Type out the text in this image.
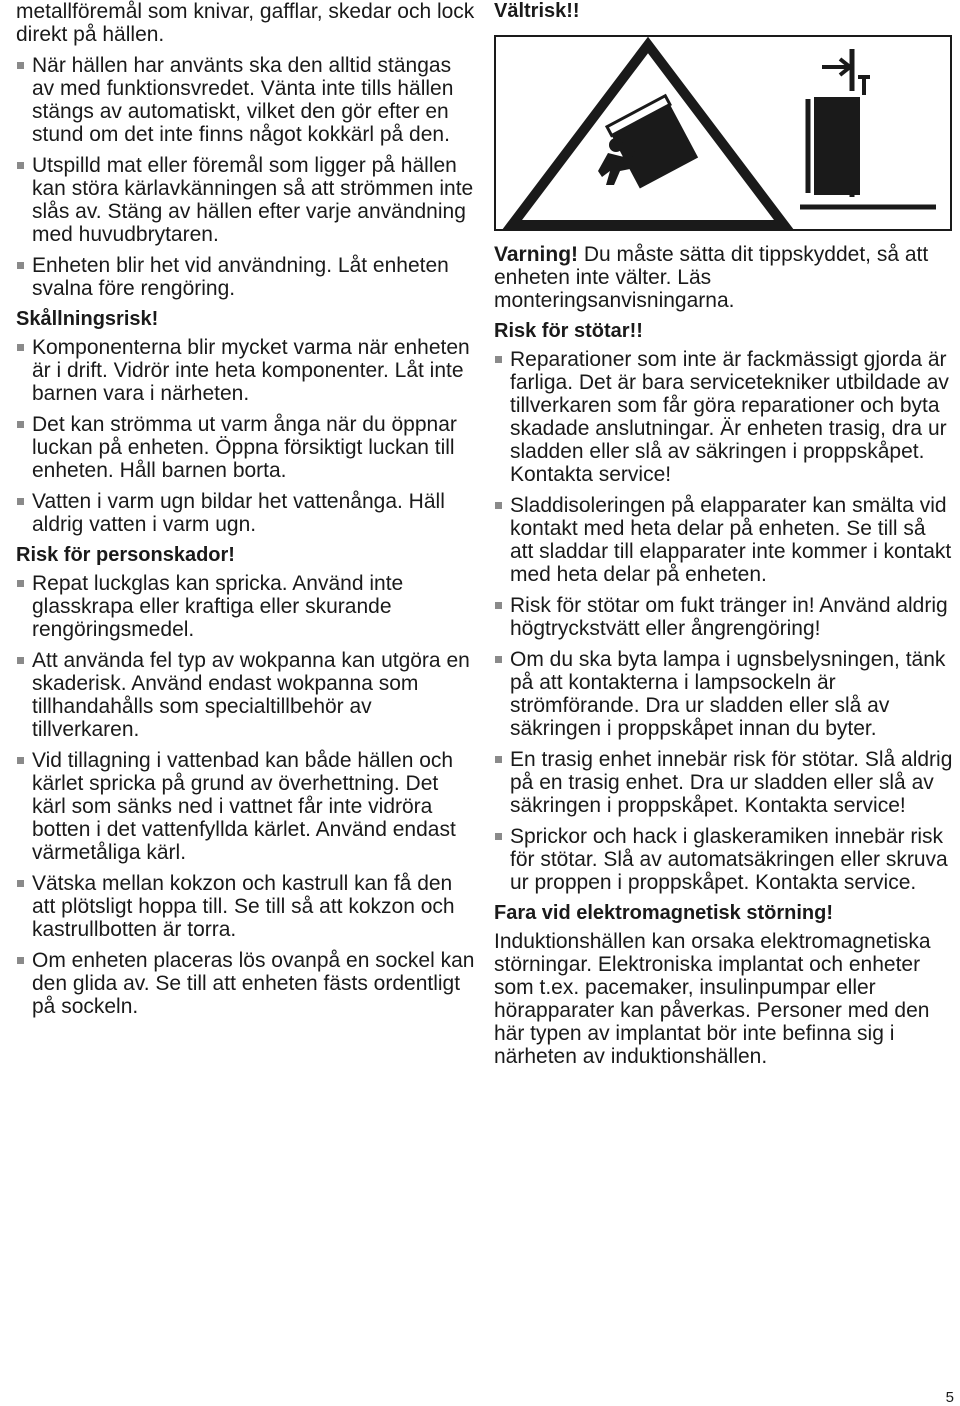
metallföremål som knivar, gafflar, skedar och lock direkt på hällen.

När hällen har använts ska den alltid stängas av med funktionsvredet. Vänta inte tills hällen stängs av automatiskt, vilket den gör efter en stund om det inte finns något kokkärl på den.
Utspilld mat eller föremål som ligger på hällen kan störa kärlavkänningen så att strömmen inte slås av. Stäng av hällen efter varje användning med huvudbrytaren.
Enheten blir het vid användning. Låt enheten svalna före rengöring.
Skållningsrisk!
Komponenterna blir mycket varma när enheten är i drift. Vidrör inte heta komponenter. Låt inte barnen vara i närheten.
Det kan strömma ut varm ånga när du öppnar luckan på enheten. Öppna försiktigt luckan till enheten. Håll barnen borta.
Vatten i varm ugn bildar het vattenånga. Häll aldrig vatten i varm ugn.
Risk för personskador!
Repat luckglas kan spricka. Använd inte glasskrapa eller kraftiga eller skurande rengöringsmedel.
Att använda fel typ av wokpanna kan utgöra en skaderisk. Använd endast wokpanna som tillhandahålls som specialtillbehör av tillverkaren.
Vid tillagning i vattenbad kan både hällen och kärlet spricka på grund av överhettning. Det kärl som sänks ned i vattnet får inte vidröra botten i det vattenfyllda kärlet. Använd endast värmetåliga kärl.
Vätska mellan kokzon och kastrull kan få den att plötsligt hoppa till. Se till så att kokzon och kastrullbotten är torra.
Om enheten placeras lös ovanpå en sockel kan den glida av. Se till att enheten fästs ordentligt på sockeln.
Vältrisk!!

Varning! Du måste sätta dit tippskyddet, så att enheten inte välter. Läs monteringsanvisningarna.

Risk för stötar!!
Reparationer som inte är fackmässigt gjorda är farliga. Det är bara servicetekniker utbildade av tillverkaren som får göra reparationer och byta skadade anslutningar. Är enheten trasig, dra ur sladden eller slå av säkringen i proppskåpet. Kontakta service!
Sladdisoleringen på elapparater kan smälta vid kontakt med heta delar på enheten. Se till så att sladdar till elapparater inte kommer i kontakt med heta delar på enheten.
Risk för stötar om fukt tränger in! Använd aldrig högtryckstvätt eller ångrengöring!
Om du ska byta lampa i ugnsbelysningen, tänk på att kontakterna i lampsockeln är strömförande. Dra ur sladden eller slå av säkringen i proppskåpet innan du byter.
En trasig enhet innebär risk för stötar. Slå aldrig på en trasig enhet. Dra ur sladden eller slå av säkringen i proppskåpet. Kontakta service!
Sprickor och hack i glaskeramiken innebär risk för stötar. Slå av automatsäkringen eller skruva ur proppen i proppskåpet. Kontakta service.
Fara vid elektromagnetisk störning!

Induktionshällen kan orsaka elektromagnetiska störningar. Elektroniska implantat och enheter som t.ex. pacemaker, insulinpumpar eller hörapparater kan påverkas. Personer med den här typen av implantat bör inte befinna sig i närheten av induktionshällen.

5
